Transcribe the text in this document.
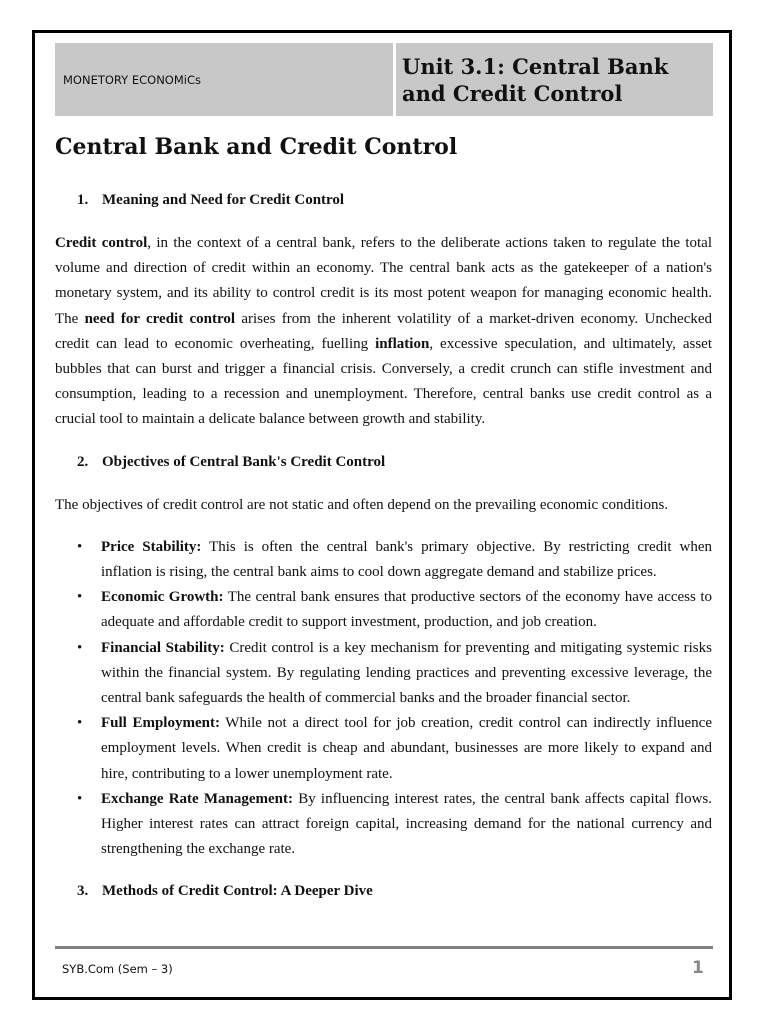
MONETORY ECONOMiCs
Unit 3.1: Central Bank and Credit Control
Central Bank and Credit Control
1. Meaning and Need for Credit Control

Credit control, in the context of a central bank, refers to the deliberate actions taken to regulate the total volume and direction of credit within an economy. The central bank acts as the gatekeeper of a nation's monetary system, and its ability to control credit is its most potent weapon for managing economic health. The need for credit control arises from the inherent volatility of a market-driven economy. Unchecked credit can lead to economic overheating, fuelling inflation, excessive speculation, and ultimately, asset bubbles that can burst and trigger a financial crisis. Conversely, a credit crunch can stifle investment and consumption, leading to a recession and unemployment. Therefore, central banks use credit control as a crucial tool to maintain a delicate balance between growth and stability.

2. Objectives of Central Bank's Credit Control

The objectives of credit control are not static and often depend on the prevailing economic conditions.

• Price Stability: This is often the central bank's primary objective. By restricting credit when inflation is rising, the central bank aims to cool down aggregate demand and stabilize prices.
• Economic Growth: The central bank ensures that productive sectors of the economy have access to adequate and affordable credit to support investment, production, and job creation.
• Financial Stability: Credit control is a key mechanism for preventing and mitigating systemic risks within the financial system. By regulating lending practices and preventing excessive leverage, the central bank safeguards the health of commercial banks and the broader financial sector.
• Full Employment: While not a direct tool for job creation, credit control can indirectly influence employment levels. When credit is cheap and abundant, businesses are more likely to expand and hire, contributing to a lower unemployment rate.
• Exchange Rate Management: By influencing interest rates, the central bank affects capital flows. Higher interest rates can attract foreign capital, increasing demand for the national currency and strengthening the exchange rate.
3. Methods of Credit Control: A Deeper Dive
SYB.Com (Sem – 3)	1
